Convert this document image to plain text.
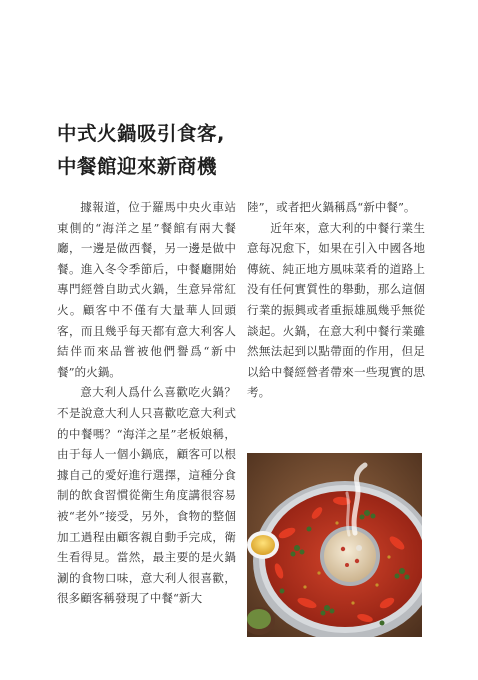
中式火鍋吸引食客,
中餐館迎來新商機

據報道，位于羅馬中央火車站東側的“海洋之星”餐館有兩大餐廳，一邊是做西餐，另一邊是做中餐。進入冬令季節后，中餐廳開始專門經營自助式火鍋，生意异常紅火。顧客中不僅有大量華人回頭客，而且幾乎每天都有意大利客人結伴而來品嘗被他們譽爲“新中餐”的火鍋。

意大利人爲什么喜歡吃火鍋？不是說意大利人只喜歡吃意大利式的中餐嗎？“海洋之星”老板娘稱，由于每人一個小鍋底，顧客可以根據自己的愛好進行選擇，這種分食制的飲食習慣從衛生角度講很容易被“老外”接受，另外，食物的整個加工過程由顧客親自動手完成，衛生看得見。當然，最主要的是火鍋涮的食物口味，意大利人很喜歡，很多顧客稱發現了中餐“新大

陸”，或者把火鍋稱爲“新中餐”。

近年來，意大利的中餐行業生意每况愈下，如果在引入中國各地傳統、純正地方風味菜肴的道路上没有任何實質性的舉動，那么這個行業的振興或者重振雄風幾乎無從談起。火鍋，在意大利中餐行業雖然無法起到以點帶面的作用，但足以給中餐經營者帶來一些現實的思考。
